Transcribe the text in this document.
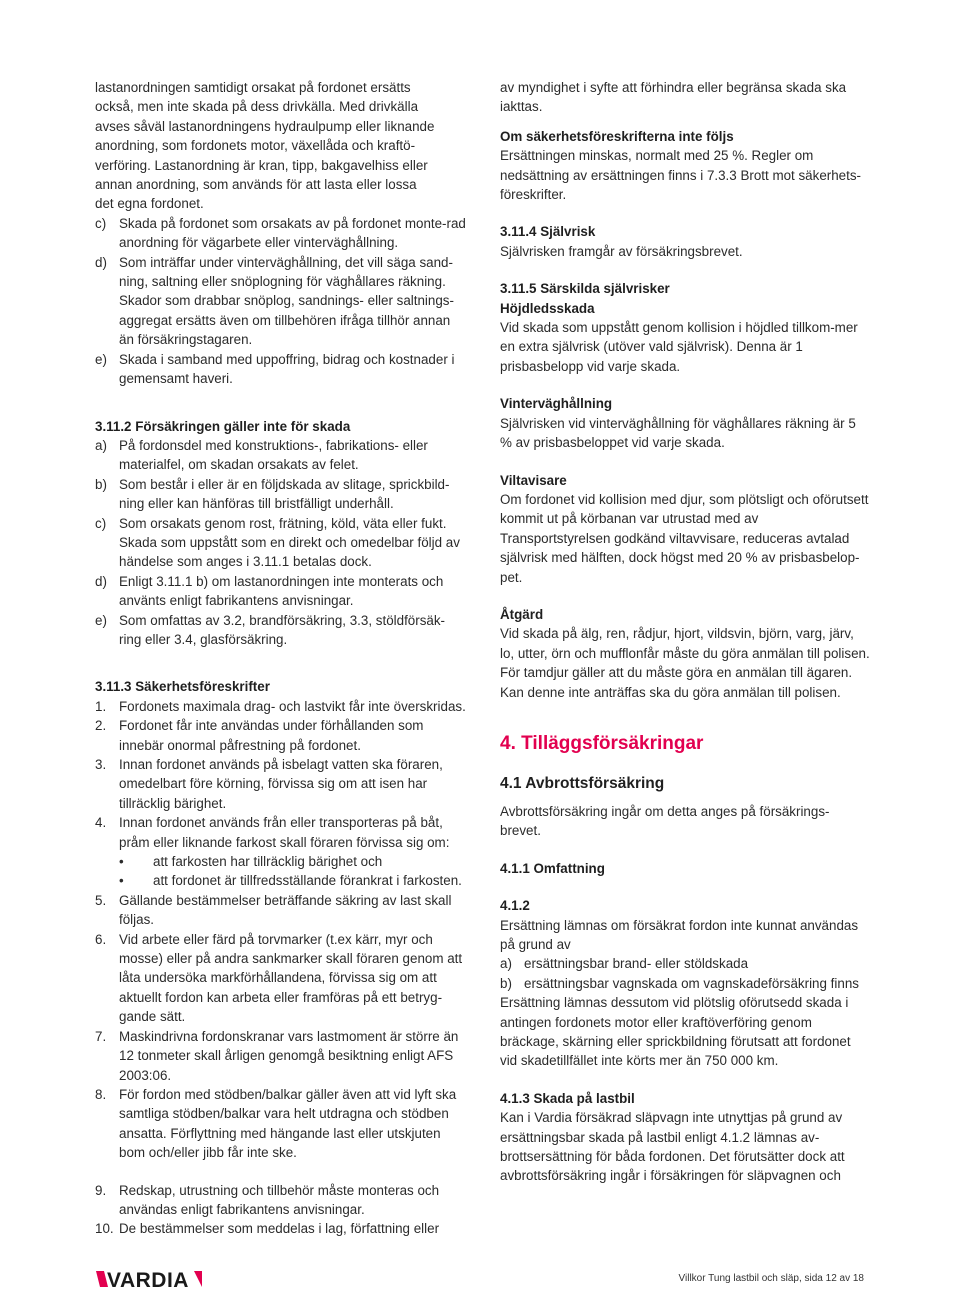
lastanordningen samtidigt orsakat på fordonet ersätts
också, men inte skada på dess drivkälla. Med drivkälla
avses såväl lastanordningens hydraulpump eller liknande
anordning, som fordonets motor, växellåda och kraftö-
verföring. Lastanordning är kran, tipp, bakgavelhiss eller
annan anordning, som används för att lasta eller lossa
det egna fordonet.
c) Skada på fordonet som orsakats av på fordonet monte-rad anordning för vägarbete eller vinterväghållning.
d) Som inträffar under vinterväghållning, det vill säga sand-ning, saltning eller snöplogning för väghållares räkning. Skador som drabbar snöplog, sandnings- eller saltnings-aggregat ersätts även om tillbehören ifråga tillhör annan än försäkringstagaren.
e) Skada i samband med uppoffring, bidrag och kostnader i gemensamt haveri.

3.11.2 Försäkringen gäller inte för skada

a) På fordonsdel med konstruktions-, fabrikations- eller materialfel, om skadan orsakats av felet.
b) Som består i eller är en följdskada av slitage, sprickbild-ning eller kan hänföras till bristfälligt underhåll.
c) Som orsakats genom rost, frätning, köld, väta eller fukt. Skada som uppstått som en direkt och omedelbar följd av händelse som anges i 3.11.1 betalas dock.
d) Enligt 3.11.1 b) om lastanordningen inte monterats och använts enligt fabrikantens anvisningar.
e) Som omfattas av 3.2, brandförsäkring, 3.3, stöldförsäk-ring eller 3.4, glasförsäkring.

3.11.3 Säkerhetsföreskrifter

1. Fordonets maximala drag- och lastvikt får inte överskridas.
2. Fordonet får inte användas under förhållanden som innebär onormal påfrestning på fordonet.
3. Innan fordonet används på isbelagt vatten ska föraren, omedelbart före körning, förvissa sig om att isen har tillräcklig bärighet.
4. Innan fordonet används från eller transporteras på båt, pråm eller liknande farkost skall föraren förvissa sig om:
•	att farkosten har tillräcklig bärighet och
•	att fordonet är tillfredsställande förankrat i farkosten.
5. Gällande bestämmelser beträffande säkring av last skall följas.
6. Vid arbete eller färd på torvmarker (t.ex kärr, myr och mosse) eller på andra sankmarker skall föraren genom att låta undersöka markförhållandena, förvissa sig om att aktuellt fordon kan arbeta eller framföras på ett betryg-gande sätt.
7. Maskindrivna fordonskranar vars lastmoment är större än 12 tonmeter skall årligen genomgå besiktning enligt AFS 2003:06.
8. För fordon med stödben/balkar gäller även att vid lyft ska samtliga stödben/balkar vara helt utdragna och stödben ansatta. Förflyttning med hängande last eller utskjuten bom och/eller jibb får inte ske.
9. Redskap, utrustning och tillbehör måste monteras och användas enligt fabrikantens anvisningar.
10. De bestämmelser som meddelas i lag, författning eller

av myndighet i syfte att förhindra eller begränsa skada ska iakttas.

Om säkerhetsföreskrifterna inte följs

Ersättningen minskas, normalt med 25 %. Regler om nedsättning av ersättningen finns i 7.3.3 Brott mot säkerhets-föreskrifter.

3.11.4 Självrisk

Självrisken framgår av försäkringsbrevet.

3.11.5 Särskilda självrisker

Höjdledsskada

Vid skada som uppstått genom kollision i höjdled tillkom-mer en extra självrisk (utöver vald självrisk). Denna är 1 prisbasbelopp vid varje skada.

Vinterväghållning

Självrisken vid vinterväghållning för väghållares räkning är 5 % av prisbasbeloppet vid varje skada.

Viltavisare

Om fordonet vid kollision med djur, som plötsligt och oförutsett kommit ut på körbanan var utrustad med av Transportstyrelsen godkänd viltavvisare, reduceras avtalad självrisk med hälften, dock högst med 20 % av prisbasbelop-pet.

Åtgärd

Vid skada på älg, ren, rådjur, hjort, vildsvin, björn, varg, järv, lo, utter, örn och mufflonfår måste du göra anmälan till polisen. För tamdjur gäller att du måste göra en anmälan till ägaren. Kan denne inte anträffas ska du göra anmälan till polisen.

4. Tilläggsförsäkringar

4.1 Avbrottsförsäkring

Avbrottsförsäkring ingår om detta anges på försäkrings-brevet.

4.1.1 Omfattning

4.1.2

Ersättning lämnas om försäkrat fordon inte kunnat användas på grund av

a) ersättningsbar brand- eller stöldskada
b) ersättningsbar vagnskada om vagnskadeförsäkring finns

Ersättning lämnas dessutom vid plötslig oförutsedd skada i antingen fordonets motor eller kraftöverföring genom bräckage, skärning eller sprickbildning förutsatt att fordonet vid skadetillfället inte körts mer än 750 000 km.

4.1.3 Skada på lastbil

Kan i Vardia försäkrad släpvagn inte utnyttjas på grund av ersättningsbar skada på lastbil enligt 4.1.2 lämnas av-brottsersättning för båda fordonen. Det förutsätter dock att avbrottsförsäkring ingår i försäkringen för släpvagnen och

VARDIA	Villkor Tung lastbil och släp, sida 12 av 18
